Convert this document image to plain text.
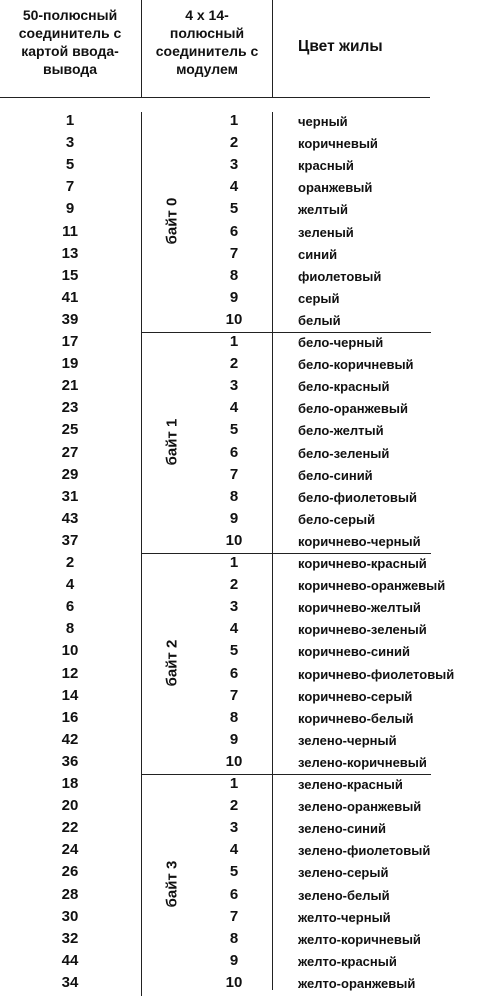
50-полюсный
соединитель с
картой ввода-
вывода
4 x 14-
полюсный
соединитель с
модулем
Цвет жилы
байт 0
1	1	черный
3	2	коричневый
5	3	красный
7	4	оранжевый
9	5	желтый
11	6	зеленый
13	7	синий
15	8	фиолетовый
41	9	серый
39	10	белый
байт 1
17	1	бело-черный
19	2	бело-коричневый
21	3	бело-красный
23	4	бело-оранжевый
25	5	бело-желтый
27	6	бело-зеленый
29	7	бело-синий
31	8	бело-фиолетовый
43	9	бело-серый
37	10	коричнево-черный
байт 2
2	1	коричнево-красный
4	2	коричнево-оранжевый
6	3	коричнево-желтый
8	4	коричнево-зеленый
10	5	коричнево-синий
12	6	коричнево-фиолетовый
14	7	коричнево-серый
16	8	коричнево-белый
42	9	зелено-черный
36	10	зелено-коричневый
байт 3
18	1	зелено-красный
20	2	зелено-оранжевый
22	3	зелено-синий
24	4	зелено-фиолетовый
26	5	зелено-серый
28	6	зелено-белый
30	7	желто-черный
32	8	желто-коричневый
44	9	желто-красный
34	10	желто-оранжевый
